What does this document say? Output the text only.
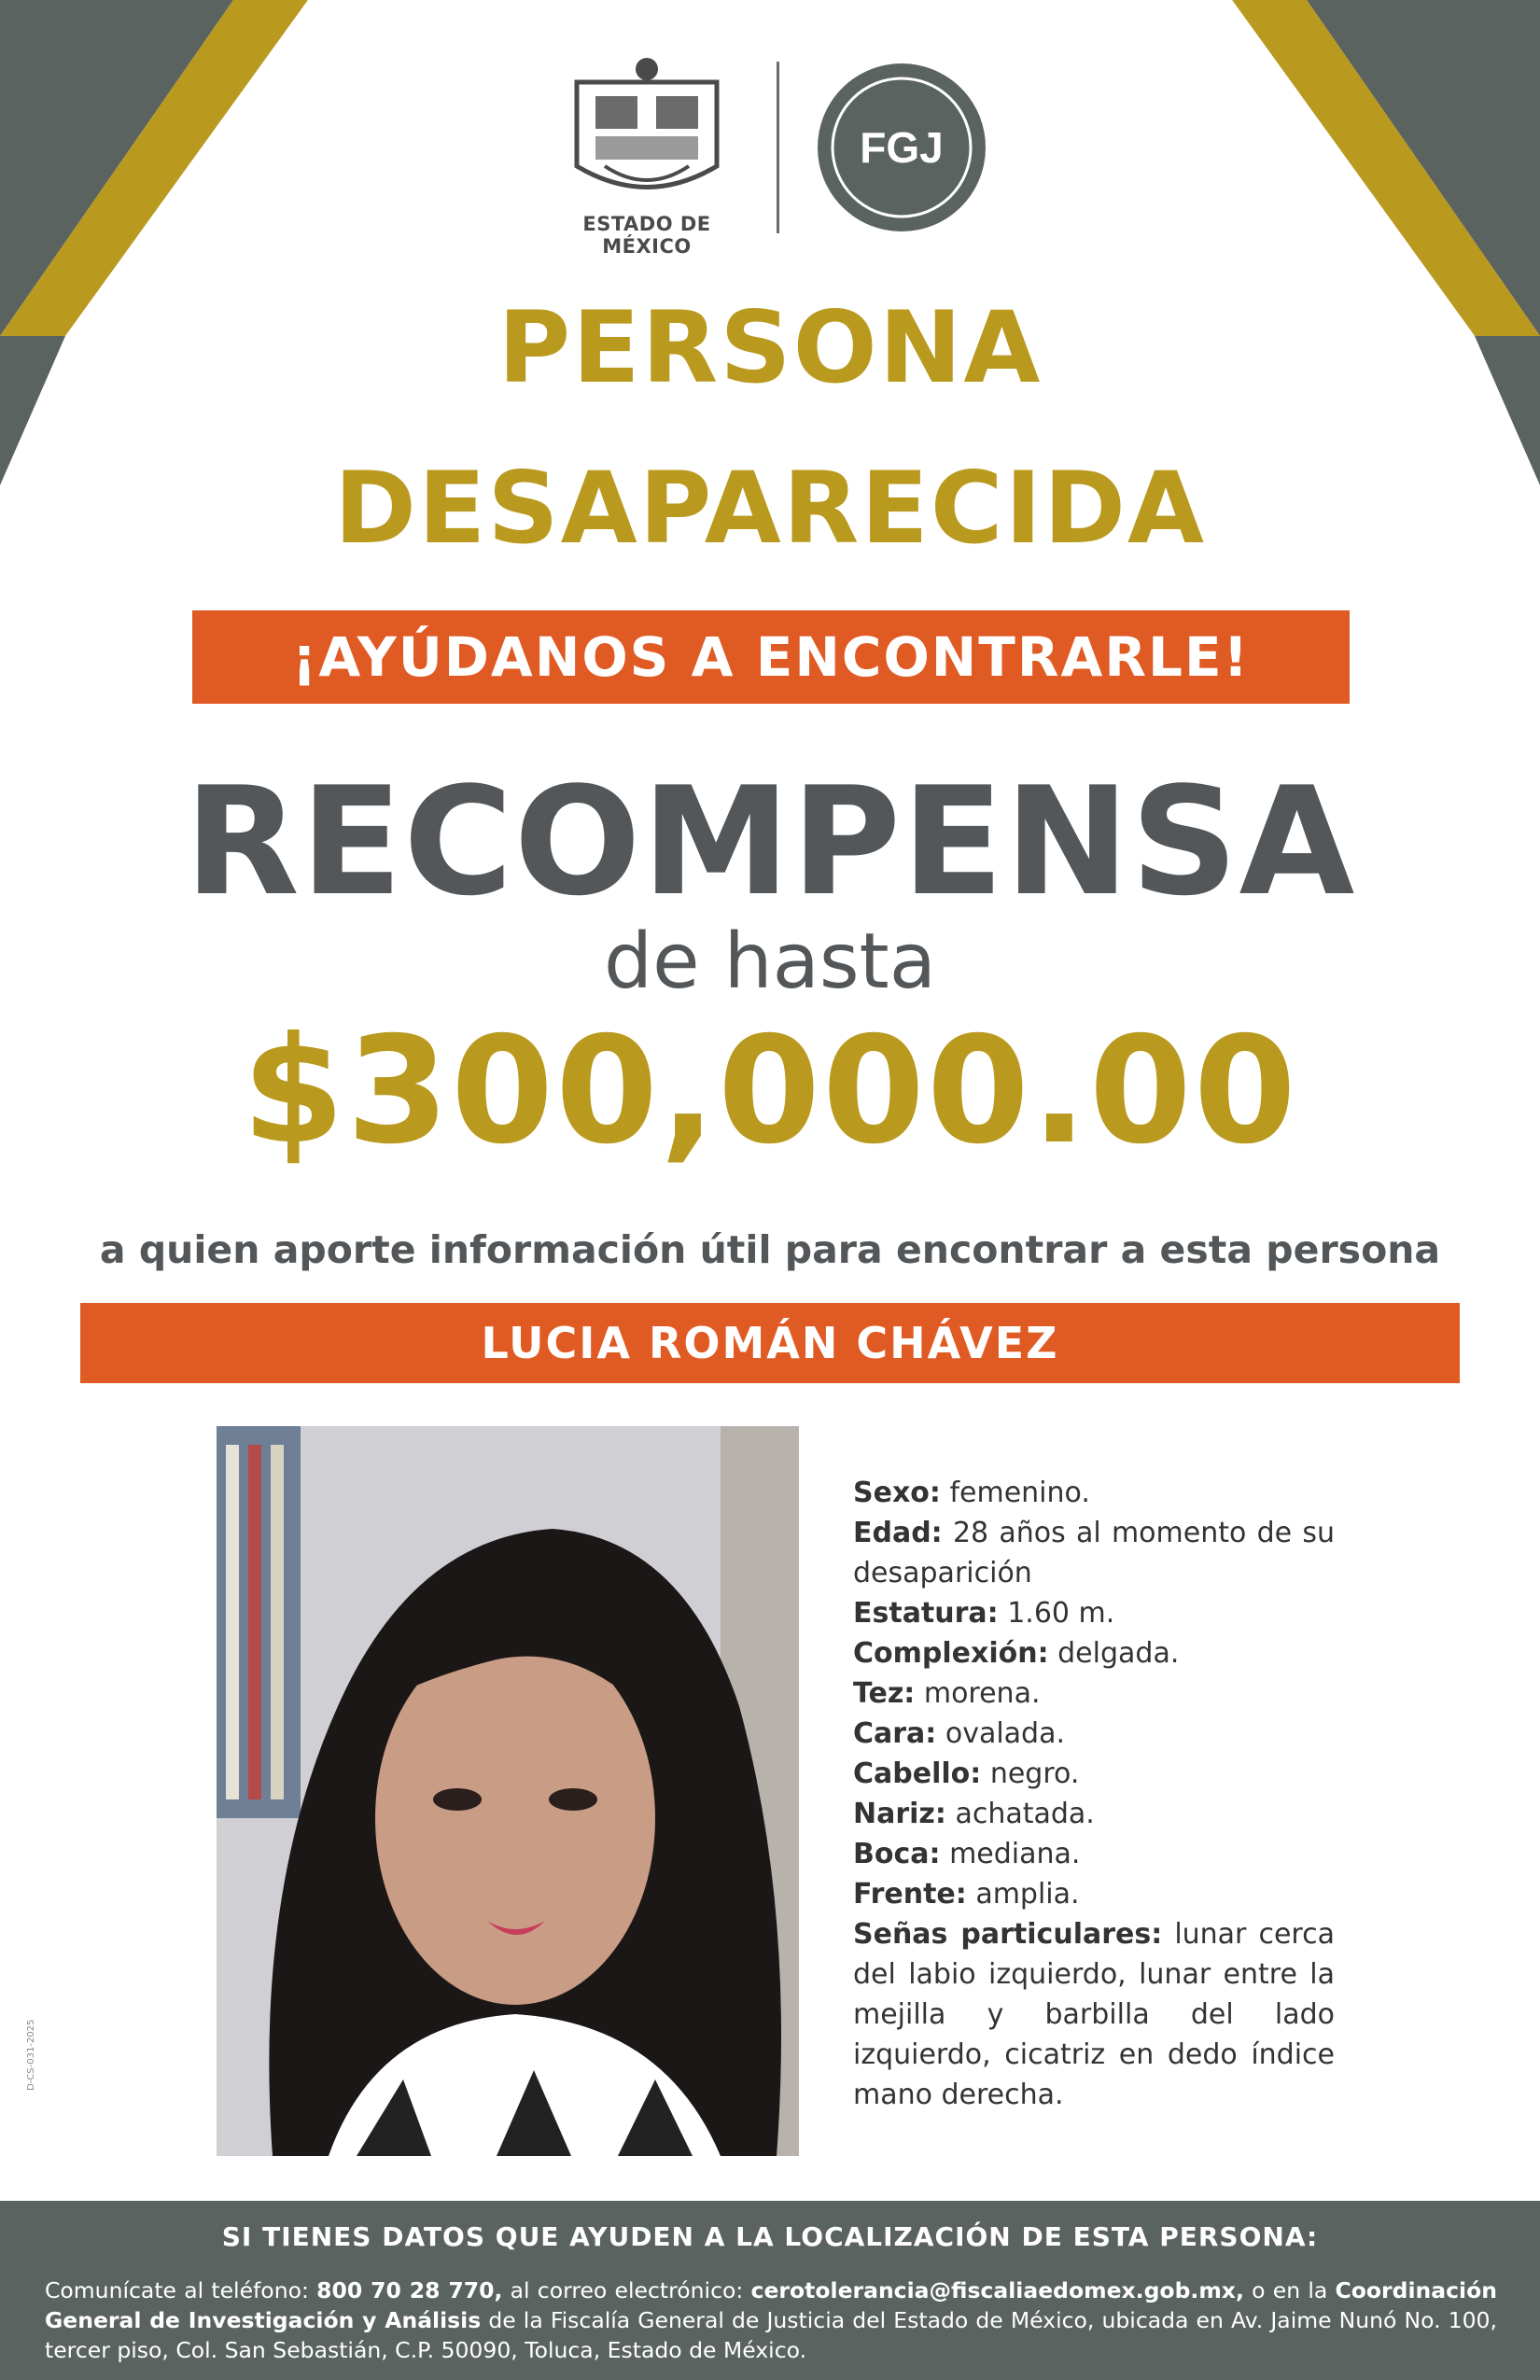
ESTADO DE MÉXICO
FGJ
PERSONA
DESAPARECIDA
¡AYÚDANOS A ENCONTRARLE!
RECOMPENSA
de hasta
$300,000.00
a quien aporte información útil para encontrar a esta persona
LUCIA ROMÁN CHÁVEZ
Sexo: femenino.
Edad: 28 años al momento de su desaparición
Estatura: 1.60 m.
Complexión: delgada.
Tez: morena.
Cara: ovalada.
Cabello: negro.
Nariz: achatada.
Boca: mediana.
Frente: amplia.
Señas particulares: lunar cerca del labio izquierdo, lunar entre la mejilla y barbilla del lado izquierdo, cicatriz en dedo índice mano derecha.
D-CS-031-2025
SI TIENES DATOS QUE AYUDEN A LA LOCALIZACIÓN DE ESTA PERSONA:
Comunícate al teléfono: 800 70 28 770, al correo electrónico: cerotolerancia@fiscaliaedomex.gob.mx, o en la Coordinación General de Investigación y Análisis de la Fiscalía General de Justicia del Estado de México, ubicada en Av. Jaime Nunó No. 100, tercer piso, Col. San Sebastián, C.P. 50090, Toluca, Estado de México.
